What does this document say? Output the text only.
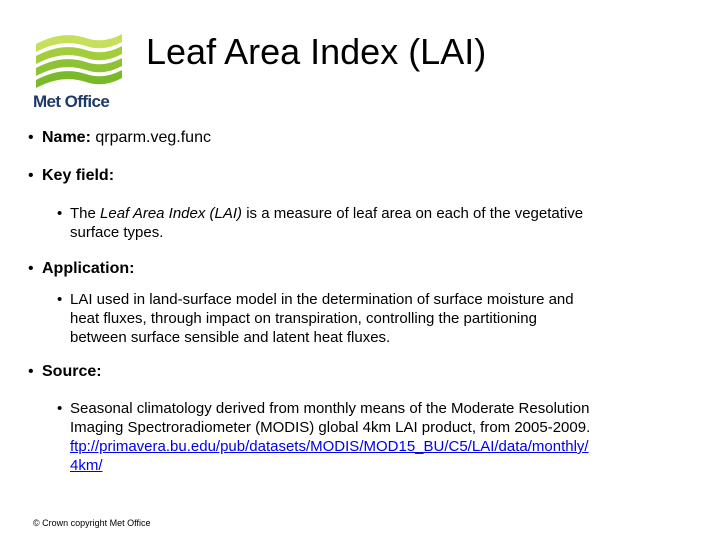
Met Office
Leaf Area Index (LAI)

• Name: qrparm.veg.func

• Key field:

• The Leaf Area Index (LAI) is a measure of leaf area on each of the vegetative
surface types.

• Application:

• LAI used in land-surface model in the determination of surface moisture and
heat fluxes, through impact on transpiration, controlling the partitioning
between surface sensible and latent heat fluxes.

• Source:

• Seasonal climatology derived from monthly means of the Moderate Resolution
Imaging Spectroradiometer (MODIS) global 4km LAI product, from 2005-2009.
ftp://primavera.bu.edu/pub/datasets/MODIS/MOD15_BU/C5/LAI/data/monthly/
4km/
© Crown copyright Met Office
